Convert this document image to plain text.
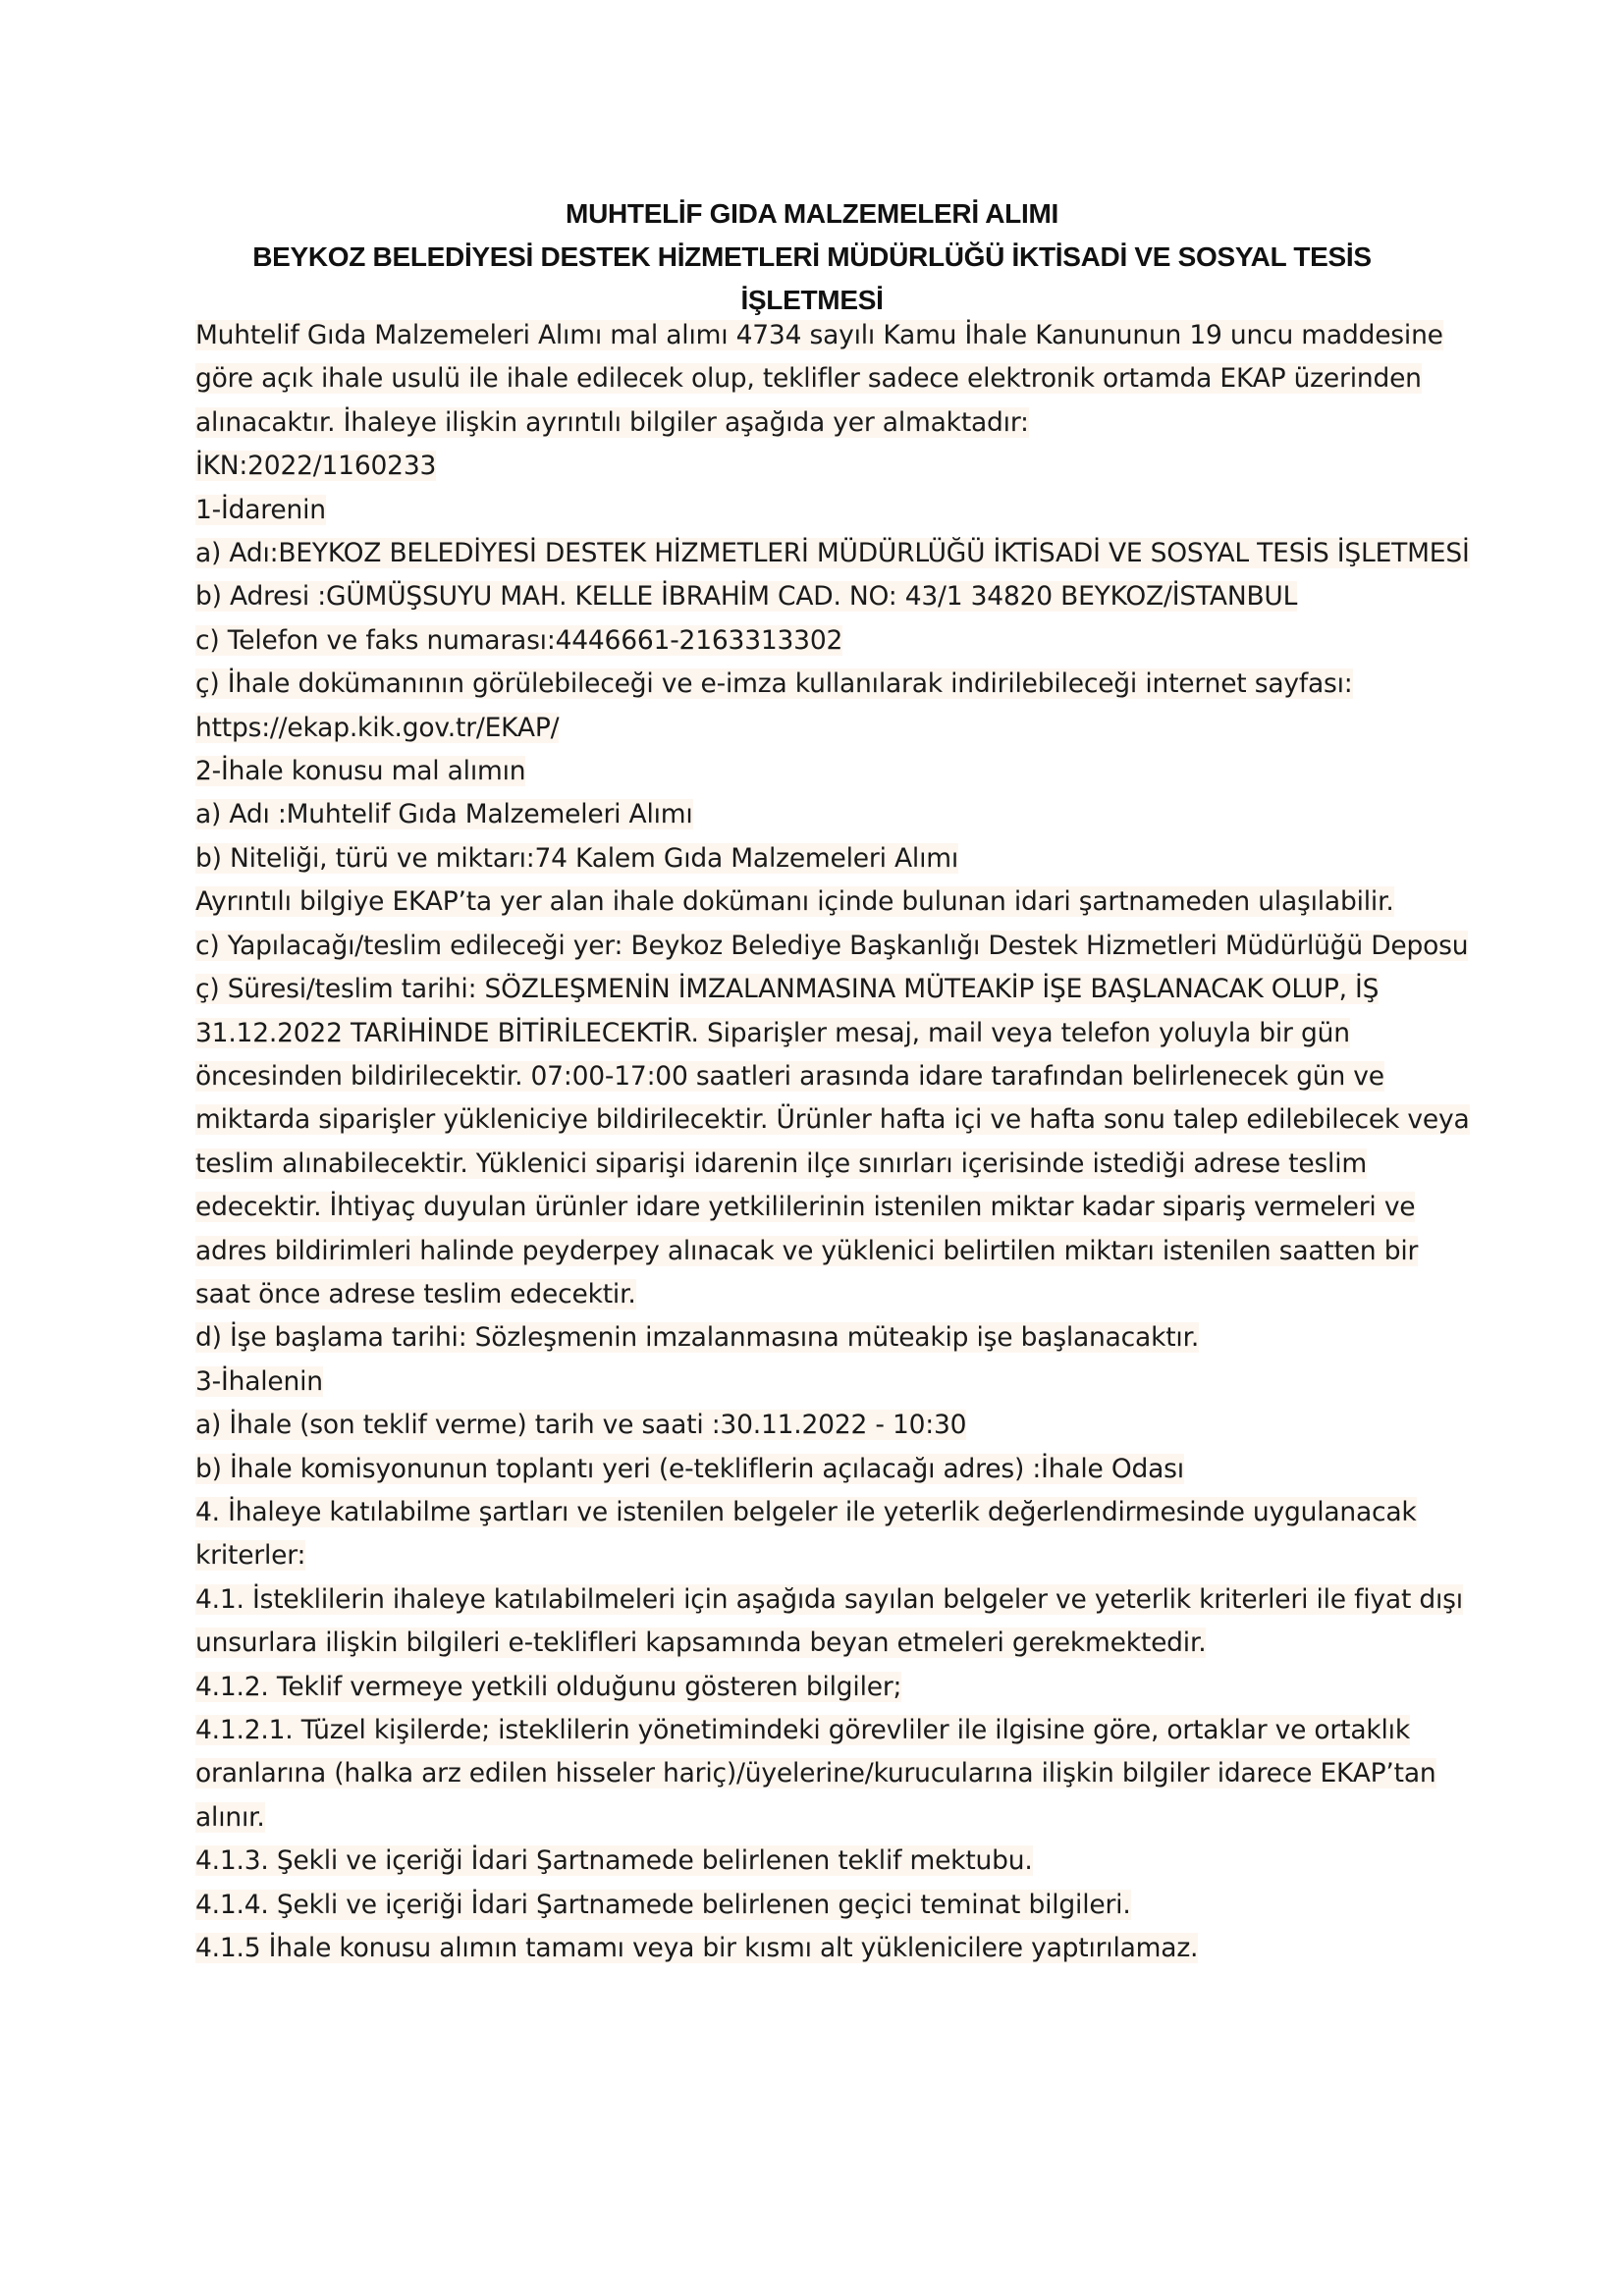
MUHTELİF GIDA MALZEMELERİ ALIMI
BEYKOZ BELEDİYESİ DESTEK HİZMETLERİ MÜDÜRLÜĞÜ İKTİSADİ VE SOSYAL TESİS
İŞLETMESİ

Muhtelif Gıda Malzemeleri Alımı mal alımı 4734 sayılı Kamu İhale Kanununun 19 uncu maddesine göre açık ihale usulü ile ihale edilecek olup, teklifler sadece elektronik ortamda EKAP üzerinden alınacaktır. İhaleye ilişkin ayrıntılı bilgiler aşağıda yer almaktadır:

İKN:2022/1160233

1-İdarenin

a) Adı:BEYKOZ BELEDİYESİ DESTEK HİZMETLERİ MÜDÜRLÜĞÜ İKTİSADİ VE SOSYAL TESİS İŞLETMESİ

b) Adresi :GÜMÜŞSUYU MAH. KELLE İBRAHİM CAD. NO: 43/1 34820 BEYKOZ/İSTANBUL

c) Telefon ve faks numarası:4446661-2163313302

ç) İhale dokümanının görülebileceği ve e-imza kullanılarak indirilebileceği internet sayfası:https://ekap.kik.gov.tr/EKAP/

2-İhale konusu mal alımın

a) Adı :Muhtelif Gıda Malzemeleri Alımı

b) Niteliği, türü ve miktarı:74 Kalem Gıda Malzemeleri Alımı

Ayrıntılı bilgiye EKAP’ta yer alan ihale dokümanı içinde bulunan idari şartnameden ulaşılabilir.

c) Yapılacağı/teslim edileceği yer: Beykoz Belediye Başkanlığı Destek Hizmetleri Müdürlüğü Deposu

ç) Süresi/teslim tarihi: SÖZLEŞMENİN İMZALANMASINA MÜTEAKİP İŞE BAŞLANACAK OLUP, İŞ 31.12.2022 TARİHİNDE BİTİRİLECEKTİR. Siparişler mesaj, mail veya telefon yoluyla bir gün öncesinden bildirilecektir. 07:00-17:00 saatleri arasında idare tarafından belirlenecek gün ve miktarda siparişler yükleniciye bildirilecektir. Ürünler hafta içi ve hafta sonu talep edilebilecek veya teslim alınabilecektir. Yüklenici siparişi idarenin ilçe sınırları içerisinde istediği adrese teslim edecektir. İhtiyaç duyulan ürünler idare yetkililerinin istenilen miktar kadar sipariş vermeleri ve adres bildirimleri halinde peyderpey alınacak ve yüklenici belirtilen miktarı istenilen saatten bir saat önce adrese teslim edecektir.

d) İşe başlama tarihi: Sözleşmenin imzalanmasına müteakip işe başlanacaktır.

3-İhalenin

a) İhale (son teklif verme) tarih ve saati :30.11.2022 - 10:30

b) İhale komisyonunun toplantı yeri (e-tekliflerin açılacağı adres) :İhale Odası

4. İhaleye katılabilme şartları ve istenilen belgeler ile yeterlik değerlendirmesinde uygulanacak kriterler:

4.1. İsteklilerin ihaleye katılabilmeleri için aşağıda sayılan belgeler ve yeterlik kriterleri ile fiyat dışı unsurlara ilişkin bilgileri e-teklifleri kapsamında beyan etmeleri gerekmektedir.

4.1.2. Teklif vermeye yetkili olduğunu gösteren bilgiler;

4.1.2.1. Tüzel kişilerde; isteklilerin yönetimindeki görevliler ile ilgisine göre, ortaklar ve ortaklık oranlarına (halka arz edilen hisseler hariç)/üyelerine/kurucularına ilişkin bilgiler idarece EKAP’tan alınır.

4.1.3. Şekli ve içeriği İdari Şartnamede belirlenen teklif mektubu.

4.1.4. Şekli ve içeriği İdari Şartnamede belirlenen geçici teminat bilgileri.

4.1.5 İhale konusu alımın tamamı veya bir kısmı alt yüklenicilere yaptırılamaz.
